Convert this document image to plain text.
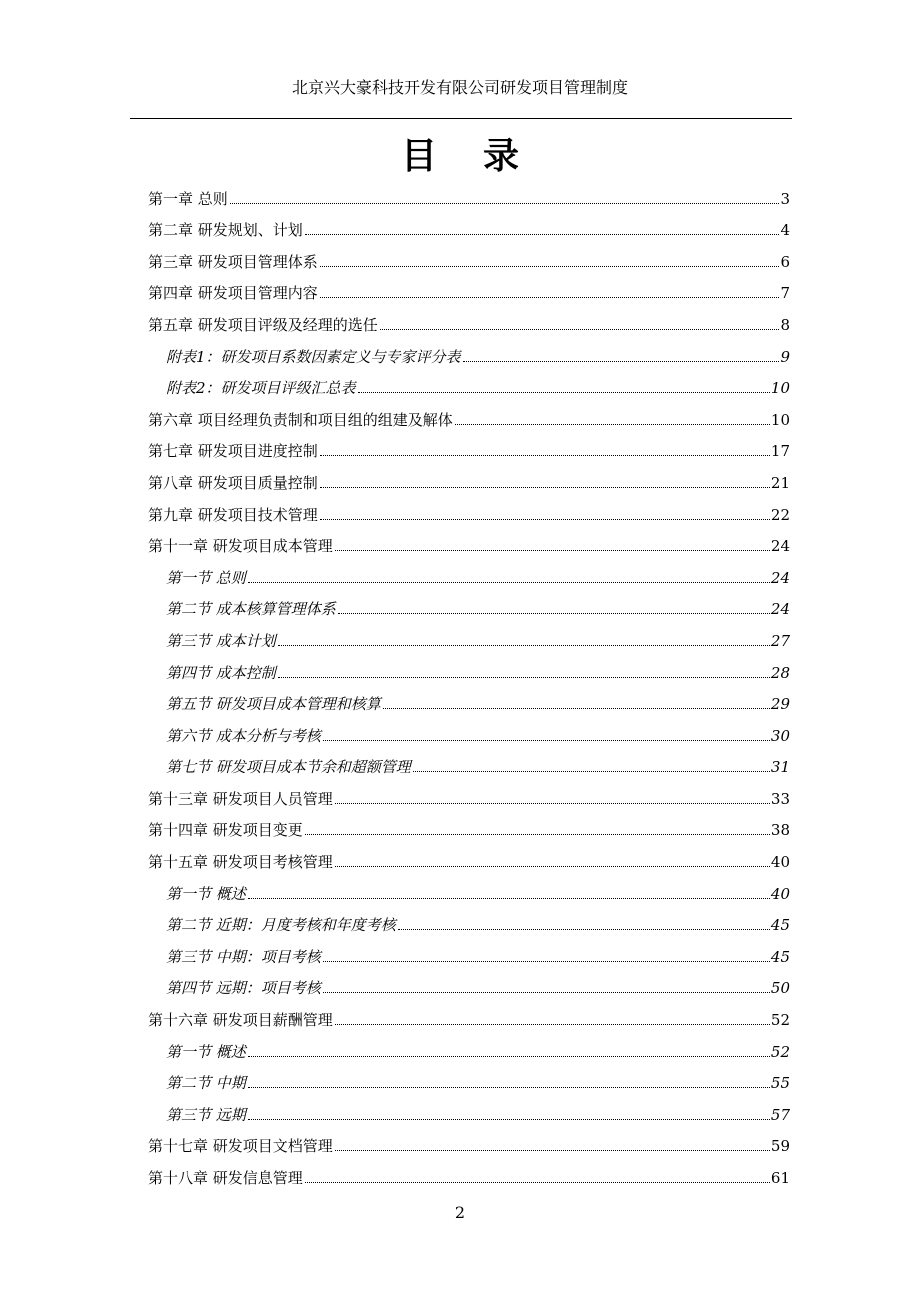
北京兴大豪科技开发有限公司研发项目管理制度
目录
第一章 总则	3
第二章 研发规划、计划	4
第三章 研发项目管理体系	6
第四章 研发项目管理内容	7
第五章 研发项目评级及经理的选任	8
附表1：研发项目系数因素定义与专家评分表	9
附表2：研发项目评级汇总表	10
第六章 项目经理负责制和项目组的组建及解体	10
第七章 研发项目进度控制	17
第八章 研发项目质量控制	21
第九章 研发项目技术管理	22
第十一章 研发项目成本管理	24
第一节 总则	24
第二节 成本核算管理体系	24
第三节 成本计划	27
第四节 成本控制	28
第五节 研发项目成本管理和核算	29
第六节 成本分析与考核	30
第七节 研发项目成本节余和超额管理	31
第十三章 研发项目人员管理	33
第十四章 研发项目变更	38
第十五章 研发项目考核管理	40
第一节 概述	40
第二节 近期：月度考核和年度考核	45
第三节 中期：项目考核	45
第四节 远期：项目考核	50
第十六章 研发项目薪酬管理	52
第一节 概述	52
第二节 中期	55
第三节 远期	57
第十七章 研发项目文档管理	59
第十八章 研发信息管理	61
2
